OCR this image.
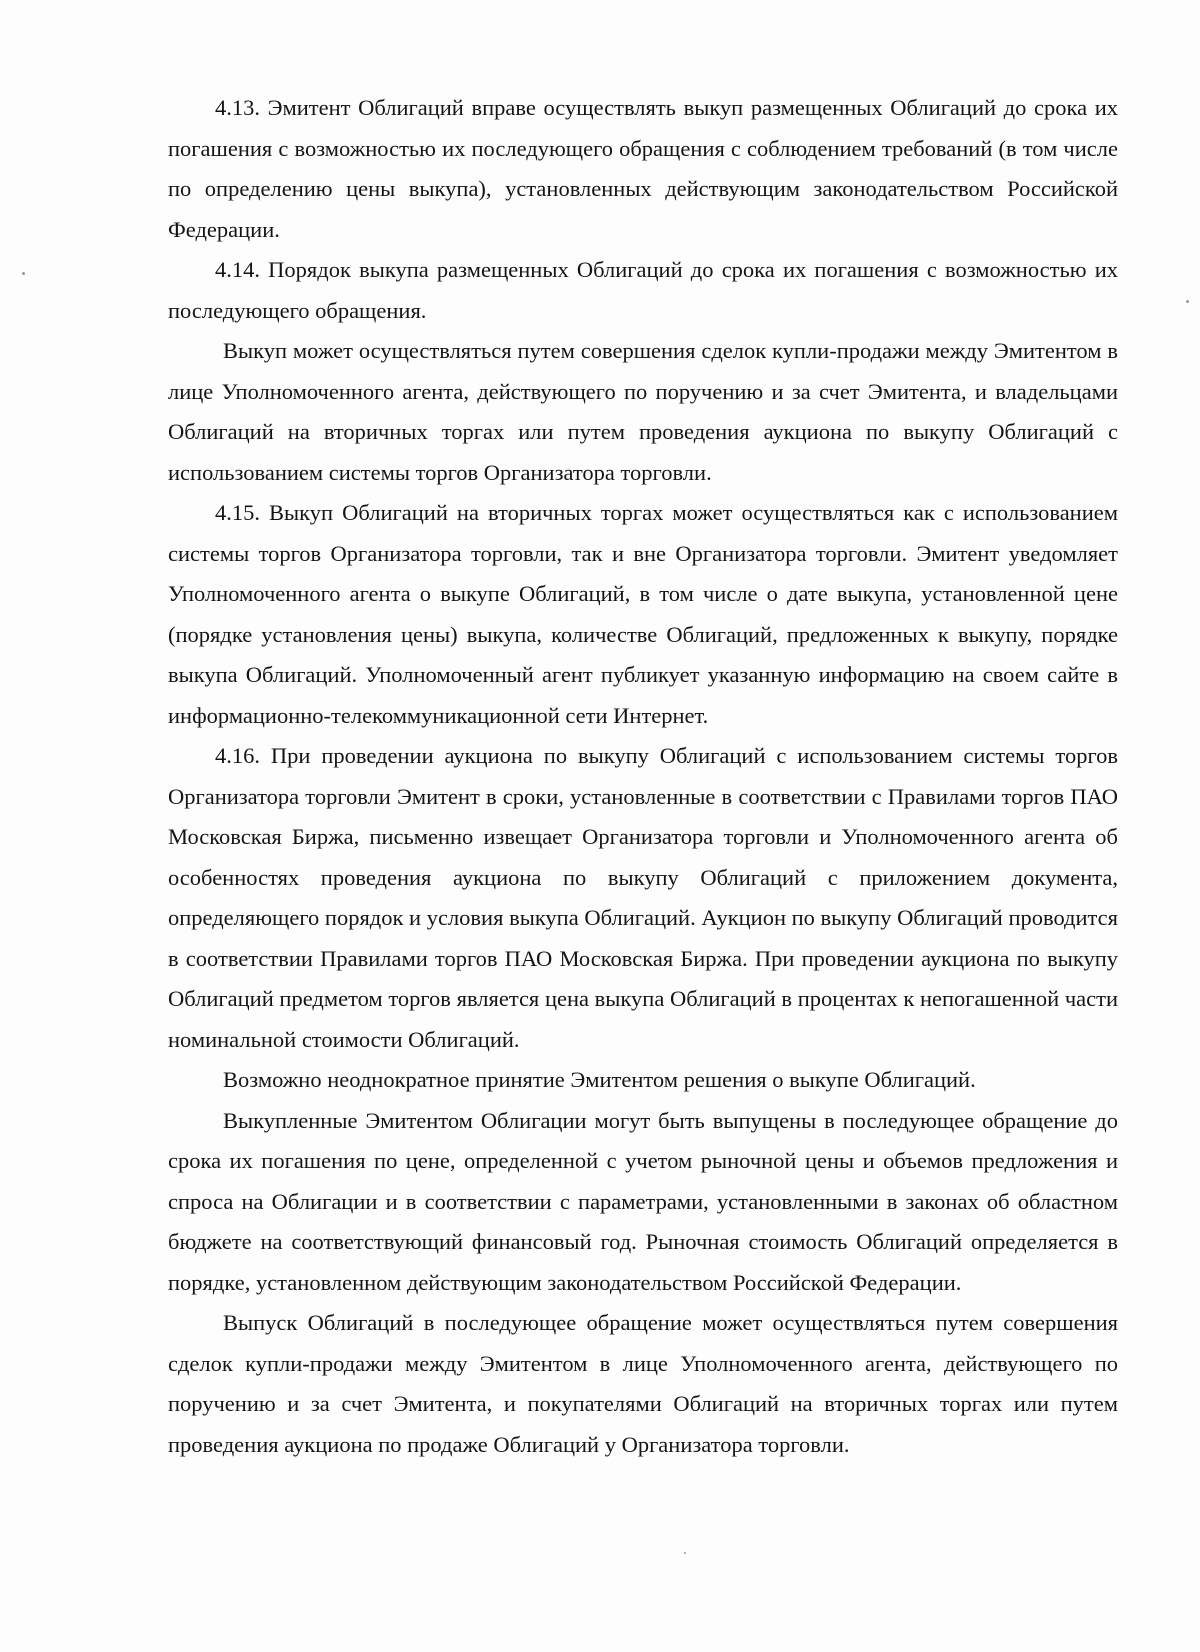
4.13. Эмитент Облигаций вправе осуществлять выкуп размещенных Облигаций до срока их погашения с возможностью их последующего обращения с соблюдением требований (в том числе по определению цены выкупа), установленных действующим законодательством Российской Федерации.

4.14. Порядок выкупа размещенных Облигаций до срока их погашения с возможностью их последующего обращения.

Выкуп может осуществляться путем совершения сделок купли-продажи между Эмитентом в лице Уполномоченного агента, действующего по поручению и за счет Эмитента, и владельцами Облигаций на вторичных торгах или путем проведения аукциона по выкупу Облигаций с использованием системы торгов Организатора торговли.

4.15. Выкуп Облигаций на вторичных торгах может осуществляться как с использованием системы торгов Организатора торговли, так и вне Организатора торговли. Эмитент уведомляет Уполномоченного агента о выкупе Облигаций, в том числе о дате выкупа, установленной цене (порядке установления цены) выкупа, количестве Облигаций, предложенных к выкупу, порядке выкупа Облигаций. Уполномоченный агент публикует указанную информацию на своем сайте в информационно-телекоммуникационной сети Интернет.

4.16. При проведении аукциона по выкупу Облигаций с использованием системы торгов Организатора торговли Эмитент в сроки, установленные в соответствии с Правилами торгов ПАО Московская Биржа, письменно извещает Организатора торговли и Уполномоченного агента об особенностях проведения аукциона по выкупу Облигаций с приложением документа, определяющего порядок и условия выкупа Облигаций. Аукцион по выкупу Облигаций проводится в соответствии Правилами торгов ПАО Московская Биржа. При проведении аукциона по выкупу Облигаций предметом торгов является цена выкупа Облигаций в процентах к непогашенной части номинальной стоимости Облигаций.

Возможно неоднократное принятие Эмитентом решения о выкупе Облигаций.

Выкупленные Эмитентом Облигации могут быть выпущены в последующее обращение до срока их погашения по цене, определенной с учетом рыночной цены и объемов предложения и спроса на Облигации и в соответствии с параметрами, установленными в законах об областном бюджете на соответствующий финансовый год. Рыночная стоимость Облигаций определяется в порядке, установленном действующим законодательством Российской Федерации.

Выпуск Облигаций в последующее обращение может осуществляться путем совершения сделок купли-продажи между Эмитентом в лице Уполномоченного агента, действующего по поручению и за счет Эмитента, и покупателями Облигаций на вторичных торгах или путем проведения аукциона по продаже Облигаций у Организатора торговли.
